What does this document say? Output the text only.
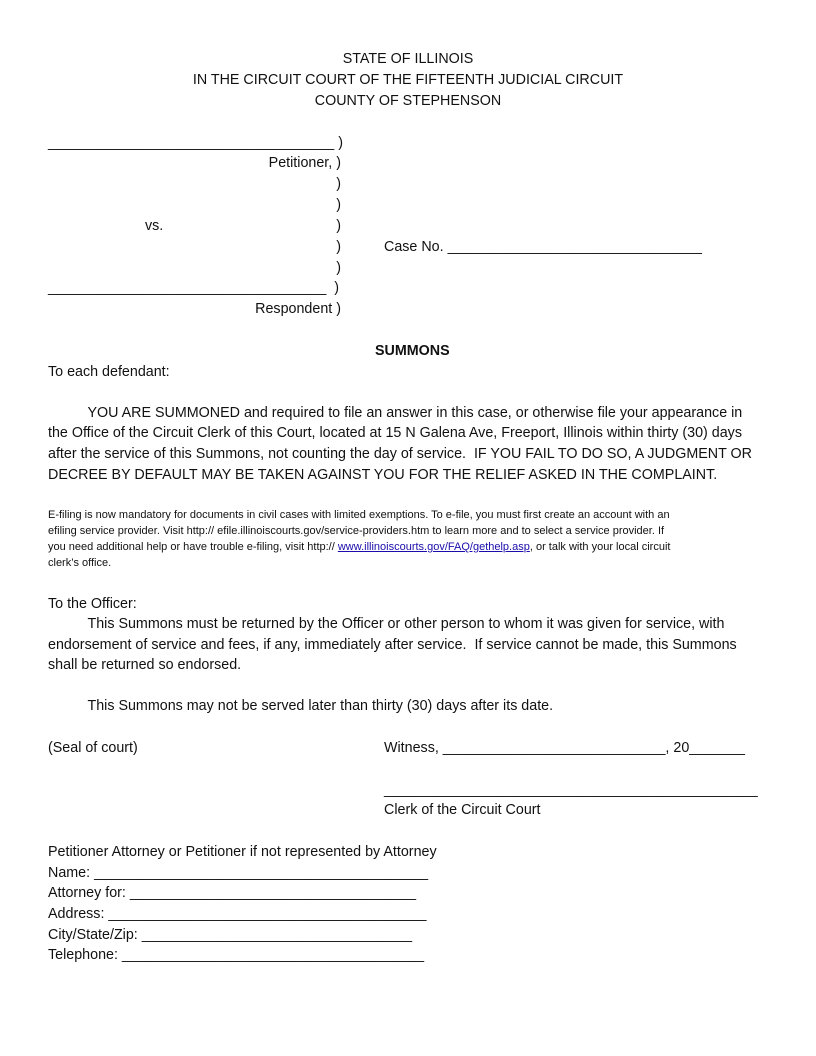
STATE OF ILLINOIS
IN THE CIRCUIT COURT OF THE FIFTEENTH JUDICIAL CIRCUIT
COUNTY OF STEPHENSON
____________________________________ )
Petitioner, )
)
)
vs.	)
)	Case No. ________________________________
)
___________________________________  )
Respondent )
SUMMONS
To each defendant:
YOU ARE SUMMONED and required to file an answer in this case, or otherwise file your appearance in
the Office of the Circuit Clerk of this Court, located at 15 N Galena Ave, Freeport, Illinois within thirty (30) days
after the service of this Summons, not counting the day of service.  IF YOU FAIL TO DO SO, A JUDGMENT OR
DECREE BY DEFAULT MAY BE TAKEN AGAINST YOU FOR THE RELIEF ASKED IN THE COMPLAINT.
E-filing is now mandatory for documents in civil cases with limited exemptions. To e-file, you must first create an account with an
efiling service provider. Visit http:// efile.illinoiscourts.gov/service-providers.htm to learn more and to select a service provider. If
you need additional help or have trouble e-filing, visit http:// www.illinoiscourts.gov/FAQ/gethelp.asp, or talk with your local circuit
clerk’s office.
To the Officer:
This Summons must be returned by the Officer or other person to whom it was given for service, with
endorsement of service and fees, if any, immediately after service.  If service cannot be made, this Summons
shall be returned so endorsed.
This Summons may not be served later than thirty (30) days after its date.
(Seal of court)	Witness, ____________________________, 20_______
_______________________________________________
Clerk of the Circuit Court
Petitioner Attorney or Petitioner if not represented by Attorney
Name: __________________________________________
Attorney for: ____________________________________
Address: ________________________________________
City/State/Zip: __________________________________
Telephone: ______________________________________
